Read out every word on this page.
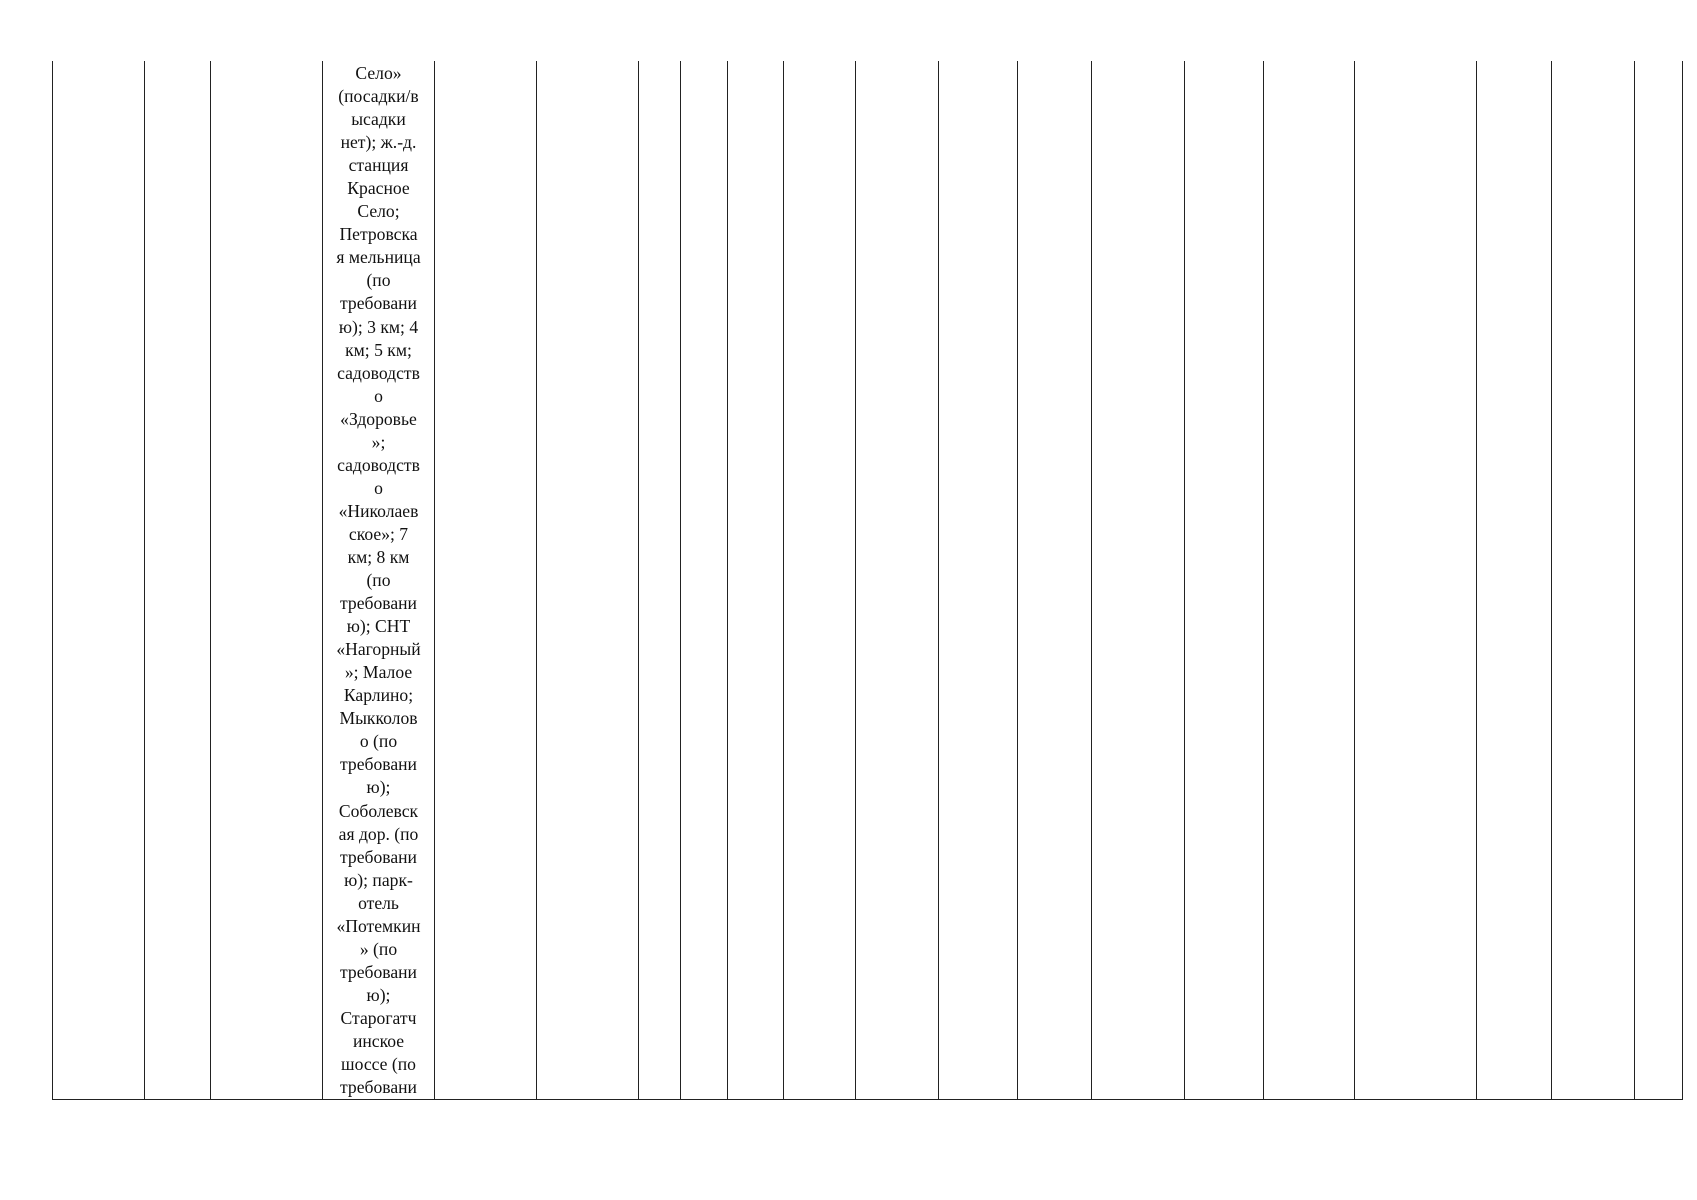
Село»
(посадки/в
ысадки
нет); ж.-д.
станция
Красное
Село;
Петровска
я мельница
(по
требовани
ю); 3 км; 4
км; 5 км;
садоводств
о
«Здоровье
»;
садоводств
о
«Николаев
ское»; 7
км; 8 км
(по
требовани
ю); СНТ
«Нагорный
»; Малое
Карлино;
Мыкколов
о (по
требовани
ю);
Соболевск
ая дор. (по
требовани
ю); парк-
отель
«Потемкин
» (по
требовани
ю);
Старогатч
инское
шоссе (по
требовани
